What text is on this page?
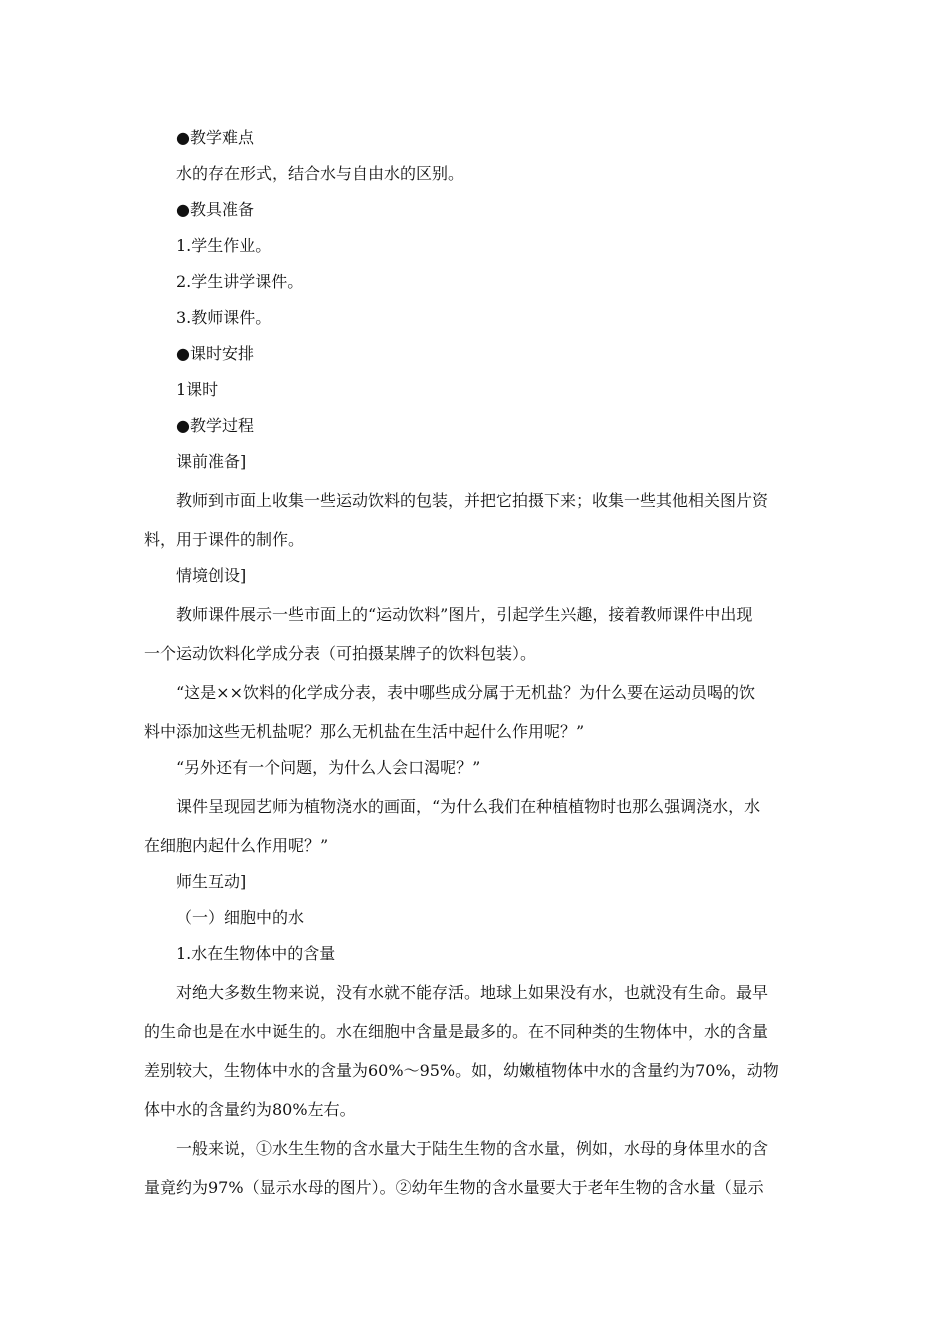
●教学难点
水的存在形式，结合水与自由水的区别。
●教具准备
1.学生作业。
2.学生讲学课件。
3.教师课件。
●课时安排
1课时
●教学过程
课前准备]
教师到市面上收集一些运动饮料的包装，并把它拍摄下来；收集一些其他相关图片资
料，用于课件的制作。
情境创设]
教师课件展示一些市面上的“运动饮料”图片，引起学生兴趣，接着教师课件中出现
一个运动饮料化学成分表（可拍摄某牌子的饮料包装）。
“这是××饮料的化学成分表，表中哪些成分属于无机盐？为什么要在运动员喝的饮
料中添加这些无机盐呢？那么无机盐在生活中起什么作用呢？”
“另外还有一个问题，为什么人会口渴呢？”
课件呈现园艺师为植物浇水的画面，“为什么我们在种植植物时也那么强调浇水，水
在细胞内起什么作用呢？”
师生互动]
（一）细胞中的水
1.水在生物体中的含量
对绝大多数生物来说，没有水就不能存活。地球上如果没有水，也就没有生命。最早
的生命也是在水中诞生的。水在细胞中含量是最多的。在不同种类的生物体中，水的含量
差别较大，生物体中水的含量为60%～95%。如，幼嫩植物体中水的含量约为70%，动物
体中水的含量约为80%左右。
一般来说，①水生生物的含水量大于陆生生物的含水量，例如，水母的身体里水的含
量竟约为97%（显示水母的图片）。②幼年生物的含水量要大于老年生物的含水量（显示
